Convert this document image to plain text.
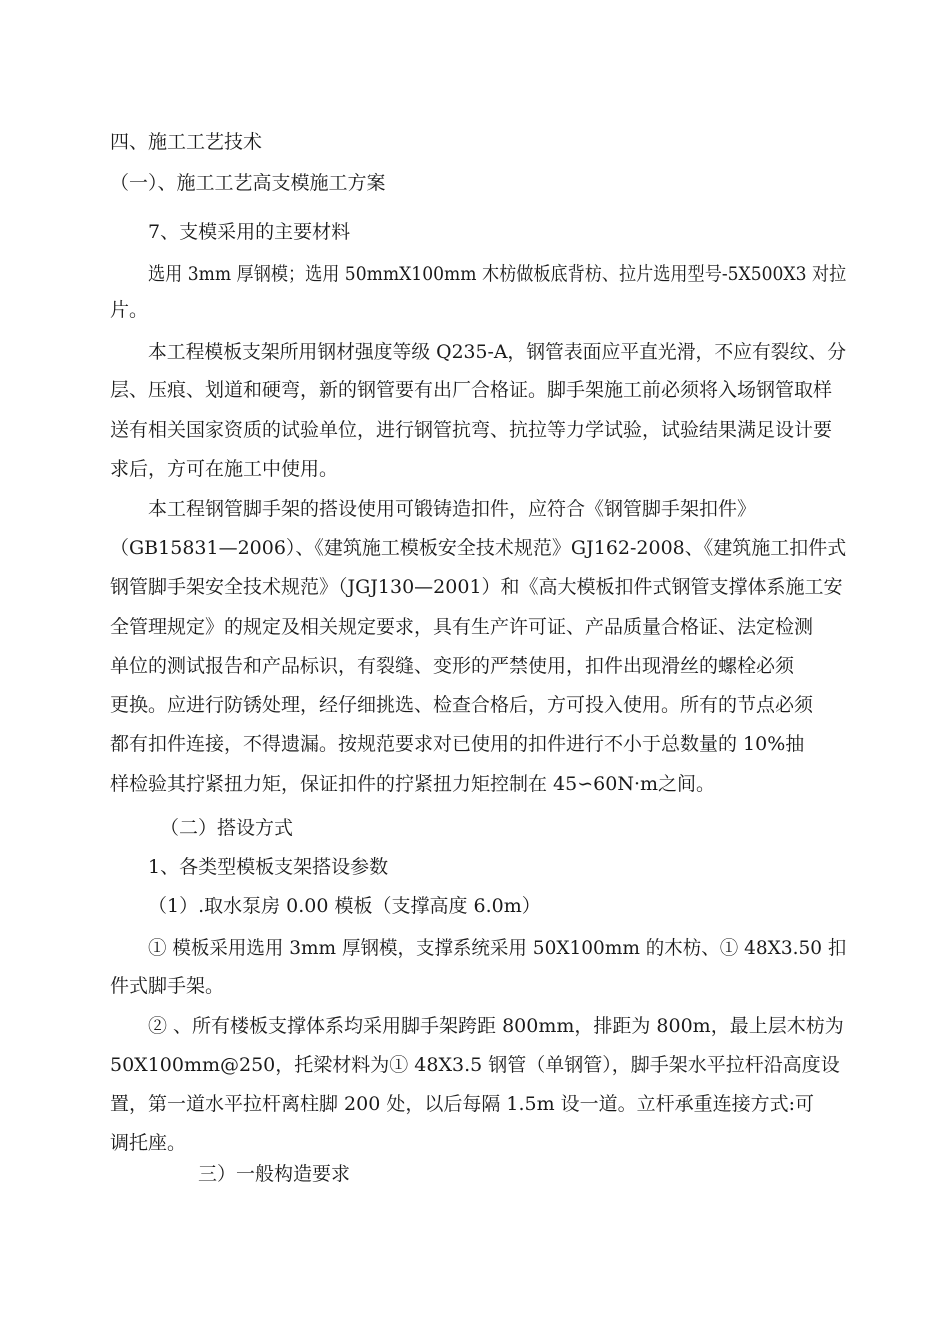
四、施工工艺技术
（一）、施工工艺高支模施工方案
7、支模采用的主要材料
选用 3mm 厚钢模；选用 50mmX100mm 木枋做板底背枋、拉片选用型号-5X500X3 对拉
片。
本工程模板支架所用钢材强度等级 Q235-A，钢管表面应平直光滑，不应有裂纹、分
层、压痕、划道和硬弯，新的钢管要有出厂合格证。脚手架施工前必须将入场钢管取样
送有相关国家资质的试验单位，进行钢管抗弯、抗拉等力学试验，试验结果满足设计要
求后，方可在施工中使用。
本工程钢管脚手架的搭设使用可锻铸造扣件，应符合《钢管脚手架扣件》
（GB15831—2006）、《建筑施工模板安全技术规范》GJ162-2008、《建筑施工扣件式
钢管脚手架安全技术规范》（JGJ130—2001）和《高大模板扣件式钢管支撑体系施工安
全管理规定》的规定及相关规定要求，具有生产许可证、产品质量合格证、法定检测
单位的测试报告和产品标识，有裂缝、变形的严禁使用，扣件出现滑丝的螺栓必须
更换。应进行防锈处理，经仔细挑选、检查合格后，方可投入使用。所有的节点必须
都有扣件连接，不得遗漏。按规范要求对已使用的扣件进行不小于总数量的 10%抽
样检验其拧紧扭力矩，保证扣件的拧紧扭力矩控制在 45∽60N·m之间。
（二）搭设方式
1、各类型模板支架搭设参数
（1）.取水泵房 0.00 模板（支撑高度 6.0m）
① 模板采用选用 3mm 厚钢模，支撑系统采用 50X100mm 的木枋、① 48X3.50 扣
件式脚手架。
② 、所有楼板支撑体系均采用脚手架跨距 800mm，排距为 800m，最上层木枋为
50X100mm@250，托梁材料为① 48X3.5 钢管（单钢管），脚手架水平拉杆沿高度设
置，第一道水平拉杆离柱脚 200 处，以后每隔 1.5m 设一道。立杆承重连接方式:可
调托座。
三）一般构造要求
